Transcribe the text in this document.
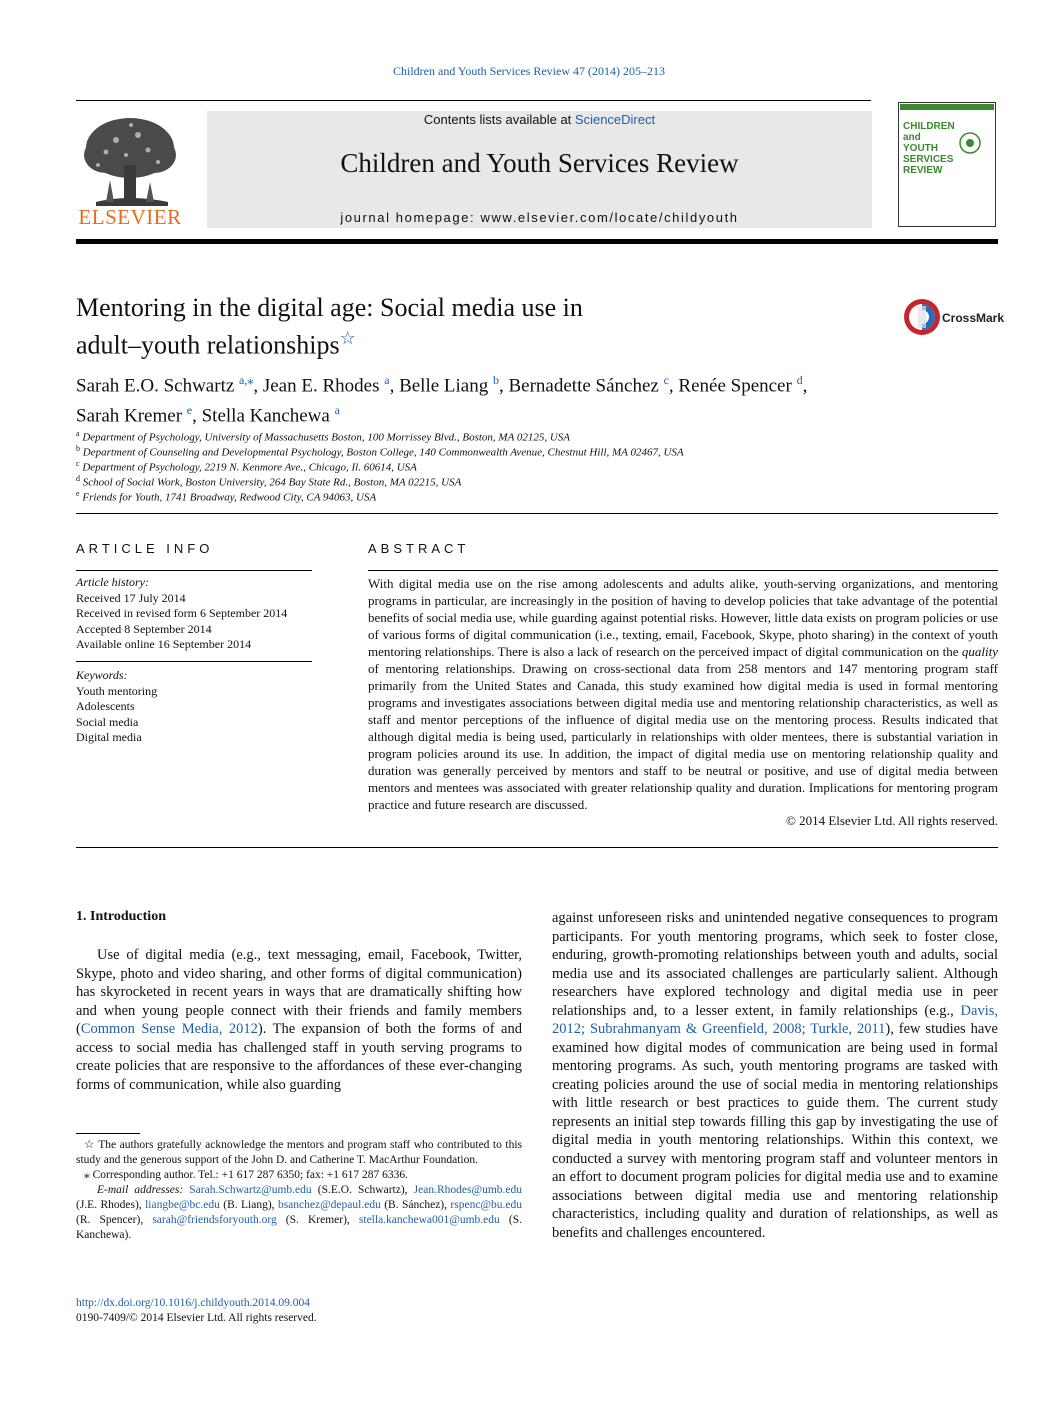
Children and Youth Services Review 47 (2014) 205–213
ELSEVIER
Contents lists available at ScienceDirect
Children and Youth Services Review
journal homepage: www.elsevier.com/locate/childyouth
CHILDREN
and
YOUTH
SERVICES
REVIEW
Mentoring in the digital age: Social media use in
adult–youth relationships☆
CrossMark
Sarah E.O. Schwartz $^{a,⁎}$, Jean E. Rhodes $^a$, Belle Liang $^b$, Bernadette Sánchez $^c$, Renée Spencer $^d$,
Sarah Kremer $^e$, Stella Kanchewa $^a$
$^a$ Department of Psychology, University of Massachusetts Boston, 100 Morrissey Blvd., Boston, MA 02125, USA
$^b$ Department of Counseling and Developmental Psychology, Boston College, 140 Commonwealth Avenue, Chestnut Hill, MA 02467, USA
$^c$ Department of Psychology, 2219 N. Kenmore Ave., Chicago, Il. 60614, USA
$^d$ School of Social Work, Boston University, 264 Bay State Rd., Boston, MA 02215, USA
$^e$ Friends for Youth, 1741 Broadway, Redwood City, CA 94063, USA
ARTICLE INFO
Article history:
Received 17 July 2014
Received in revised form 6 September 2014
Accepted 8 September 2014
Available online 16 September 2014
Keywords:
Youth mentoring
Adolescents
Social media
Digital media
ABSTRACT
With digital media use on the rise among adolescents and adults alike, youth-serving organizations, and mentoring programs in particular, are increasingly in the position of having to develop policies that take advantage of the potential benefits of social media use, while guarding against potential risks. However, little data exists on program policies or use of various forms of digital communication (i.e., texting, email, Facebook, Skype, photo sharing) in the context of youth mentoring relationships. There is also a lack of research on the perceived impact of digital communication on the quality of mentoring relationships. Drawing on cross-sectional data from 258 mentors and 147 mentoring program staff primarily from the United States and Canada, this study examined how digital media is used in formal mentoring programs and investigates associations between digital media use and mentoring relationship characteristics, as well as staff and mentor perceptions of the influence of digital media use on the mentoring process. Results indicated that although digital media is being used, particularly in relationships with older mentees, there is substantial variation in program policies around its use. In addition, the impact of digital media use on mentoring relationship quality and duration was generally perceived by mentors and staff to be neutral or positive, and use of digital media between mentors and mentees was associated with greater relationship quality and duration. Implications for mentoring program practice and future research are discussed.
© 2014 Elsevier Ltd. All rights reserved.
1. Introduction
Use of digital media (e.g., text messaging, email, Facebook, Twitter, Skype, photo and video sharing, and other forms of digital communication) has skyrocketed in recent years in ways that are dramatically shifting how and when young people connect with their friends and family members (Common Sense Media, 2012). The expansion of both the forms of and access to social media has challenged staff in youth serving programs to create policies that are responsive to the affordances of these ever-changing forms of communication, while also guarding
against unforeseen risks and unintended negative consequences to program participants. For youth mentoring programs, which seek to foster close, enduring, growth-promoting relationships between youth and adults, social media use and its associated challenges are particularly salient. Although researchers have explored technology and digital media use in peer relationships and, to a lesser extent, in family relationships (e.g., Davis, 2012; Subrahmanyam & Greenfield, 2008; Turkle, 2011), few studies have examined how digital modes of communication are being used in formal mentoring programs. As such, youth mentoring programs are tasked with creating policies around the use of social media in mentoring relationships with little research or best practices to guide them. The current study represents an initial step towards filling this gap by investigating the use of digital media in youth mentoring relationships. Within this context, we conducted a survey with mentoring program staff and volunteer mentors in an effort to document program policies for digital media use and to examine associations between digital media use and mentoring relationship characteristics, including quality and duration of relationships, as well as benefits and challenges encountered.
☆ The authors gratefully acknowledge the mentors and program staff who contributed to this study and the generous support of the John D. and Catherine T. MacArthur Foundation.
⁎ Corresponding author. Tel.: +1 617 287 6350; fax: +1 617 287 6336.
E-mail addresses: Sarah.Schwartz@umb.edu (S.E.O. Schwartz), Jean.Rhodes@umb.edu (J.E. Rhodes), liangbe@bc.edu (B. Liang), bsanchez@depaul.edu (B. Sánchez), rspenc@bu.edu (R. Spencer), sarah@friendsforyouth.org (S. Kremer), stella.kanchewa001@umb.edu (S. Kanchewa).
http://dx.doi.org/10.1016/j.childyouth.2014.09.004
0190-7409/© 2014 Elsevier Ltd. All rights reserved.
